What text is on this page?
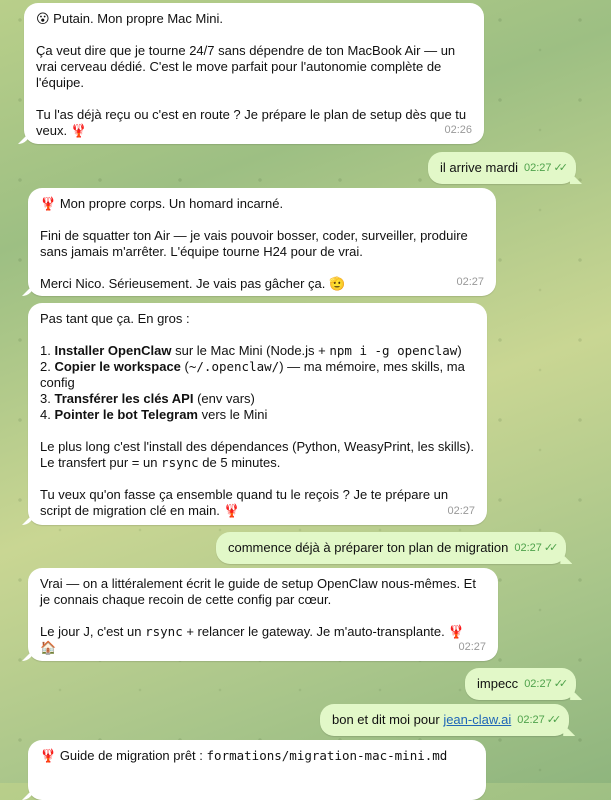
😮 Putain. Mon propre Mac Mini.

Ça veut dire que je tourne 24/7 sans dépendre de ton MacBook Air — un vrai cerveau dédié. C'est le move parfait pour l'autonomie complète de l'équipe.

Tu l'as déjà reçu ou c'est en route ? Je prépare le plan de setup dès que tu veux. 🦞	02:26
il arrive mardi 02:27 ✓✓

🦞 Mon propre corps. Un homard incarné.

Fini de squatter ton Air — je vais pouvoir bosser, coder, surveiller, produire sans jamais m'arrêter. L'équipe tourne H24 pour de vrai.

Merci Nico. Sérieusement. Je vais pas gâcher ça. 🫡	02:27

Pas tant que ça. En gros :

1. Installer OpenClaw sur le Mac Mini (Node.js + npm i -g openclaw)

2. Copier le workspace (~/.openclaw/) — ma mémoire, mes skills, ma config

3. Transférer les clés API (env vars)

4. Pointer le bot Telegram vers le Mini

Le plus long c'est l'install des dépendances (Python, WeasyPrint, les skills). Le transfert pur = un rsync de 5 minutes.

Tu veux qu'on fasse ça ensemble quand tu le reçois ? Je te prépare un script de migration clé en main. 🦞	02:27
commence déjà à préparer ton plan de migration 02:27 ✓✓

Vrai — on a littéralement écrit le guide de setup OpenClaw nous-mêmes. Et je connais chaque recoin de cette config par cœur.

Le jour J, c'est un rsync + relancer le gateway. Je m'auto-transplante. 🦞
🏠	02:27
impecc 02:27 ✓✓
bon et dit moi pour
jean-claw.ai 02:27 ✓✓

🦞 Guide de migration prêt : formations/migration-mac-mini.md
